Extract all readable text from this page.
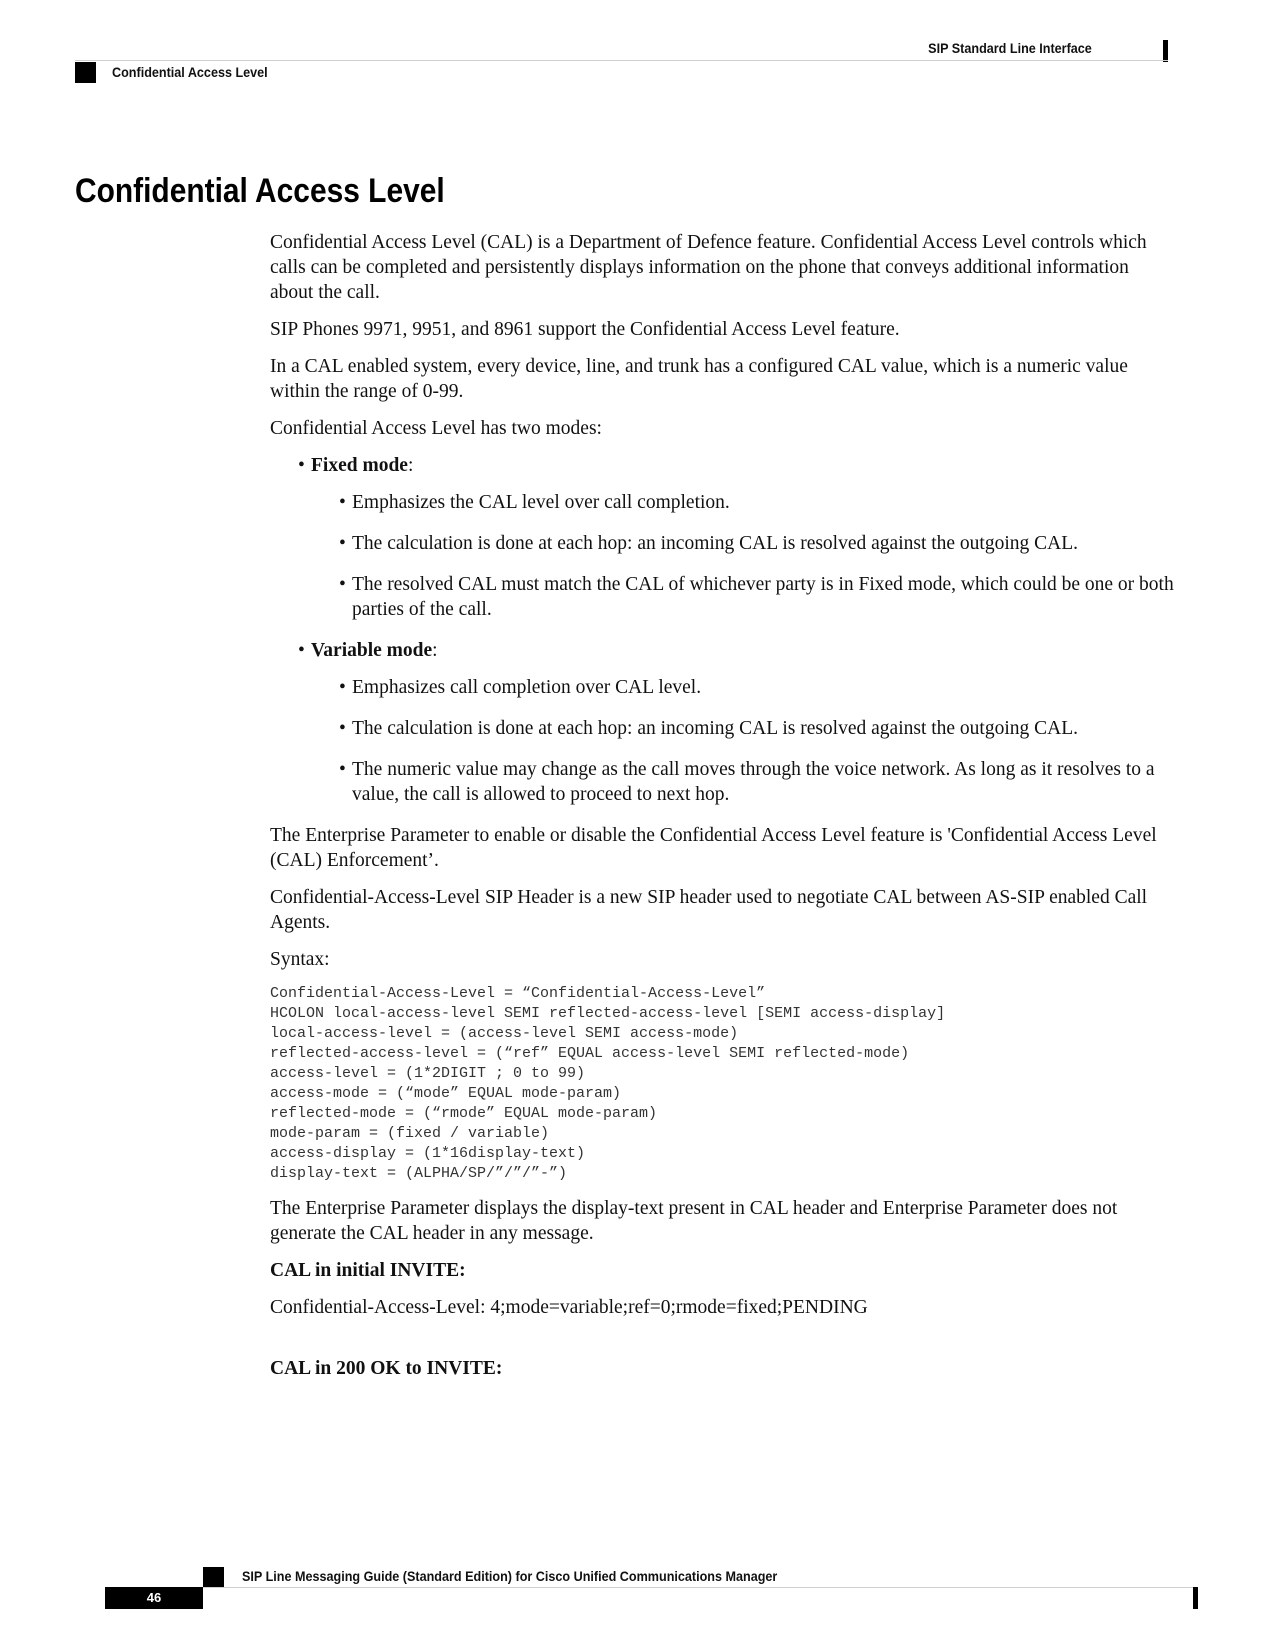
SIP Standard Line Interface
Confidential Access Level
Confidential Access Level

Confidential Access Level (CAL) is a Department of Defence feature. Confidential Access Level controls which calls can be completed and persistently displays information on the phone that conveys additional information about the call.

SIP Phones 9971, 9951, and 8961 support the Confidential Access Level feature.

In a CAL enabled system, every device, line, and trunk has a configured CAL value, which is a numeric value within the range of 0-99.

Confidential Access Level has two modes:

• Fixed mode:
• Emphasizes the CAL level over call completion.
• The calculation is done at each hop: an incoming CAL is resolved against the outgoing CAL.
• The resolved CAL must match the CAL of whichever party is in Fixed mode, which could be one or both parties of the call.
• Variable mode:
• Emphasizes call completion over CAL level.
• The calculation is done at each hop: an incoming CAL is resolved against the outgoing CAL.
• The numeric value may change as the call moves through the voice network. As long as it resolves to a value, the call is allowed to proceed to next hop.

The Enterprise Parameter to enable or disable the Confidential Access Level feature is 'Confidential Access Level (CAL) Enforcement’.

Confidential-Access-Level SIP Header is a new SIP header used to negotiate CAL between AS-SIP enabled Call Agents.

Syntax:

Confidential-Access-Level = “Confidential-Access-Level”
HCOLON local-access-level SEMI reflected-access-level [SEMI access-display]
local-access-level = (access-level SEMI access-mode)
reflected-access-level = (“ref” EQUAL access-level SEMI reflected-mode)
access-level = (1*2DIGIT ; 0 to 99)
access-mode = (“mode” EQUAL mode-param)
reflected-mode = (“rmode” EQUAL mode-param)
mode-param = (fixed / variable)
access-display = (1*16display-text)
display-text = (ALPHA/SP/”/”/”-”)

The Enterprise Parameter displays the display-text present in CAL header and Enterprise Parameter does not generate the CAL header in any message.

CAL in initial INVITE:

Confidential-Access-Level: 4;mode=variable;ref=0;rmode=fixed;PENDING

CAL in 200 OK to INVITE:

SIP Line Messaging Guide (Standard Edition) for Cisco Unified Communications Manager
46
